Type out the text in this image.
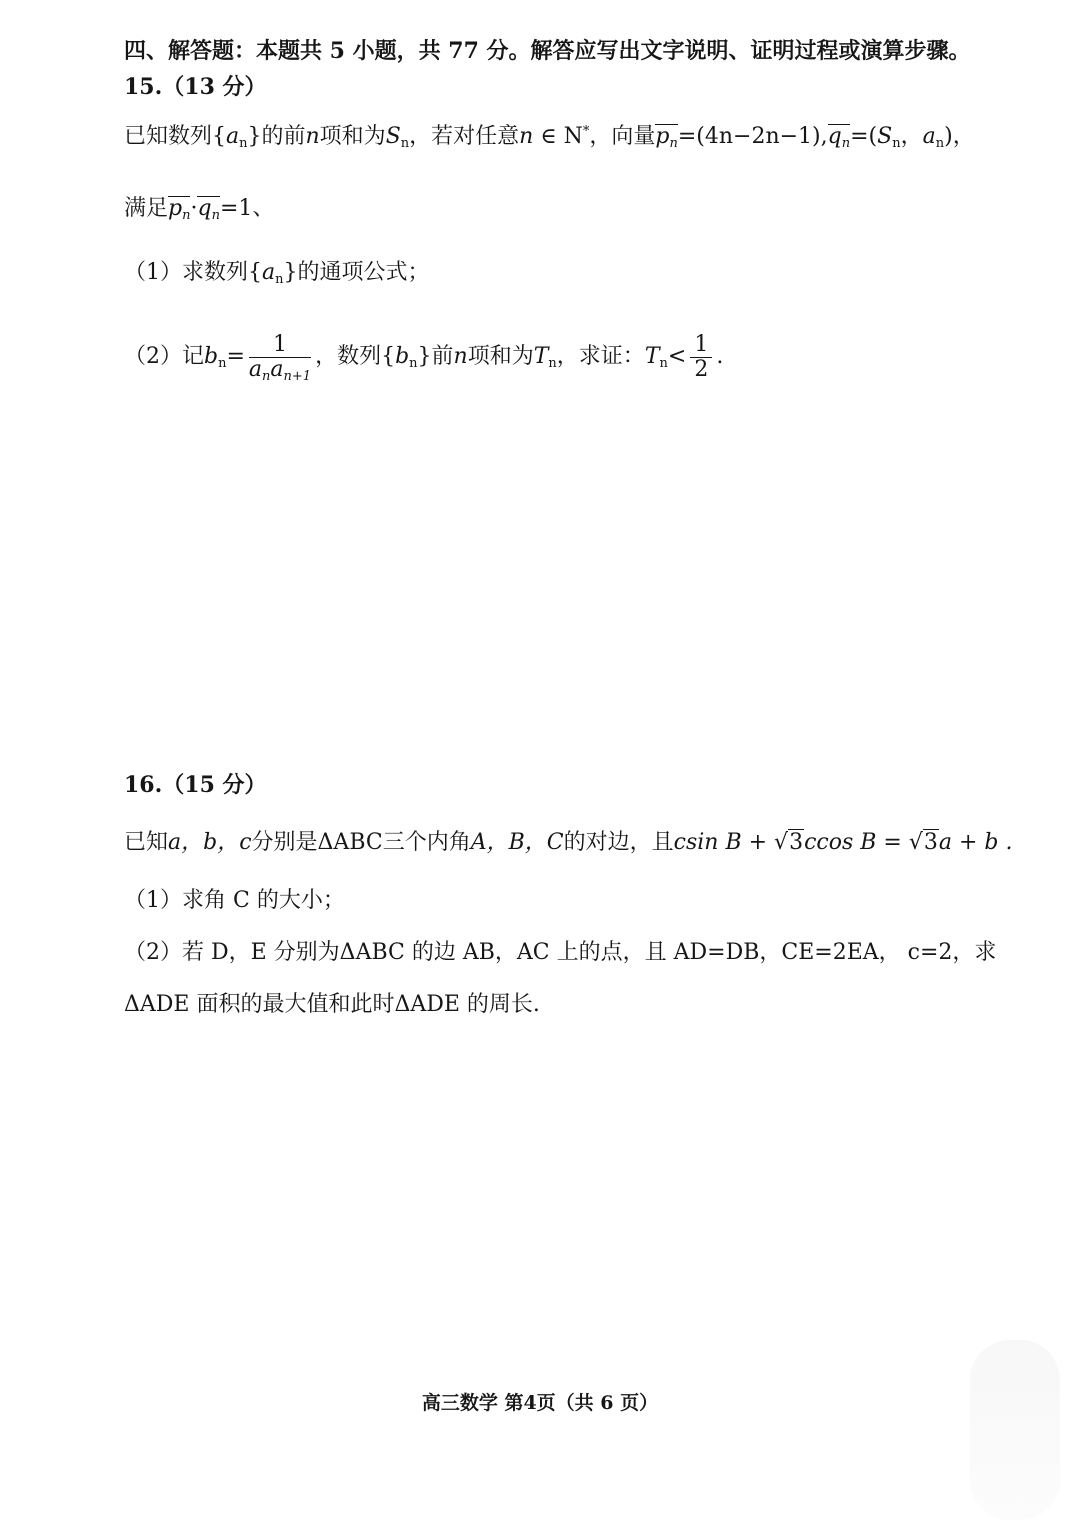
四、解答题：本题共 5 小题，共 77 分。解答应写出文字说明、证明过程或演算步骤。
15.（13 分）
已知数列$\{a_n\}$的前n项和为$S_n$，若对任意n ∈ N*，向量$p_n=(4n-2n-1),q_n=(S_n$，$a_n$)，
满足$p_n\cdot q_n=1$、
（1）求数列$\{a_n\}$的通项公式；
（2）记$b_n= \frac{1}{a_na_{n+1}}$ ，数列$\{b_n\}$前n项和为$T_n$，求证：$T_n< \frac{1}{2}$ .
16.（15 分）
已知a，b，c分别是ΔABC三个内角A，B，C的对边，且csin B + √3ccos B = √3a + b .
（1）求角 C 的大小；
（2）若 D，E 分别为ΔABC 的边 AB，AC 上的点，且 AD=DB，CE=2EA， c=2，求
ΔADE 面积的最大值和此时ΔADE 的周长.
高三数学 第4页（共 6 页）
